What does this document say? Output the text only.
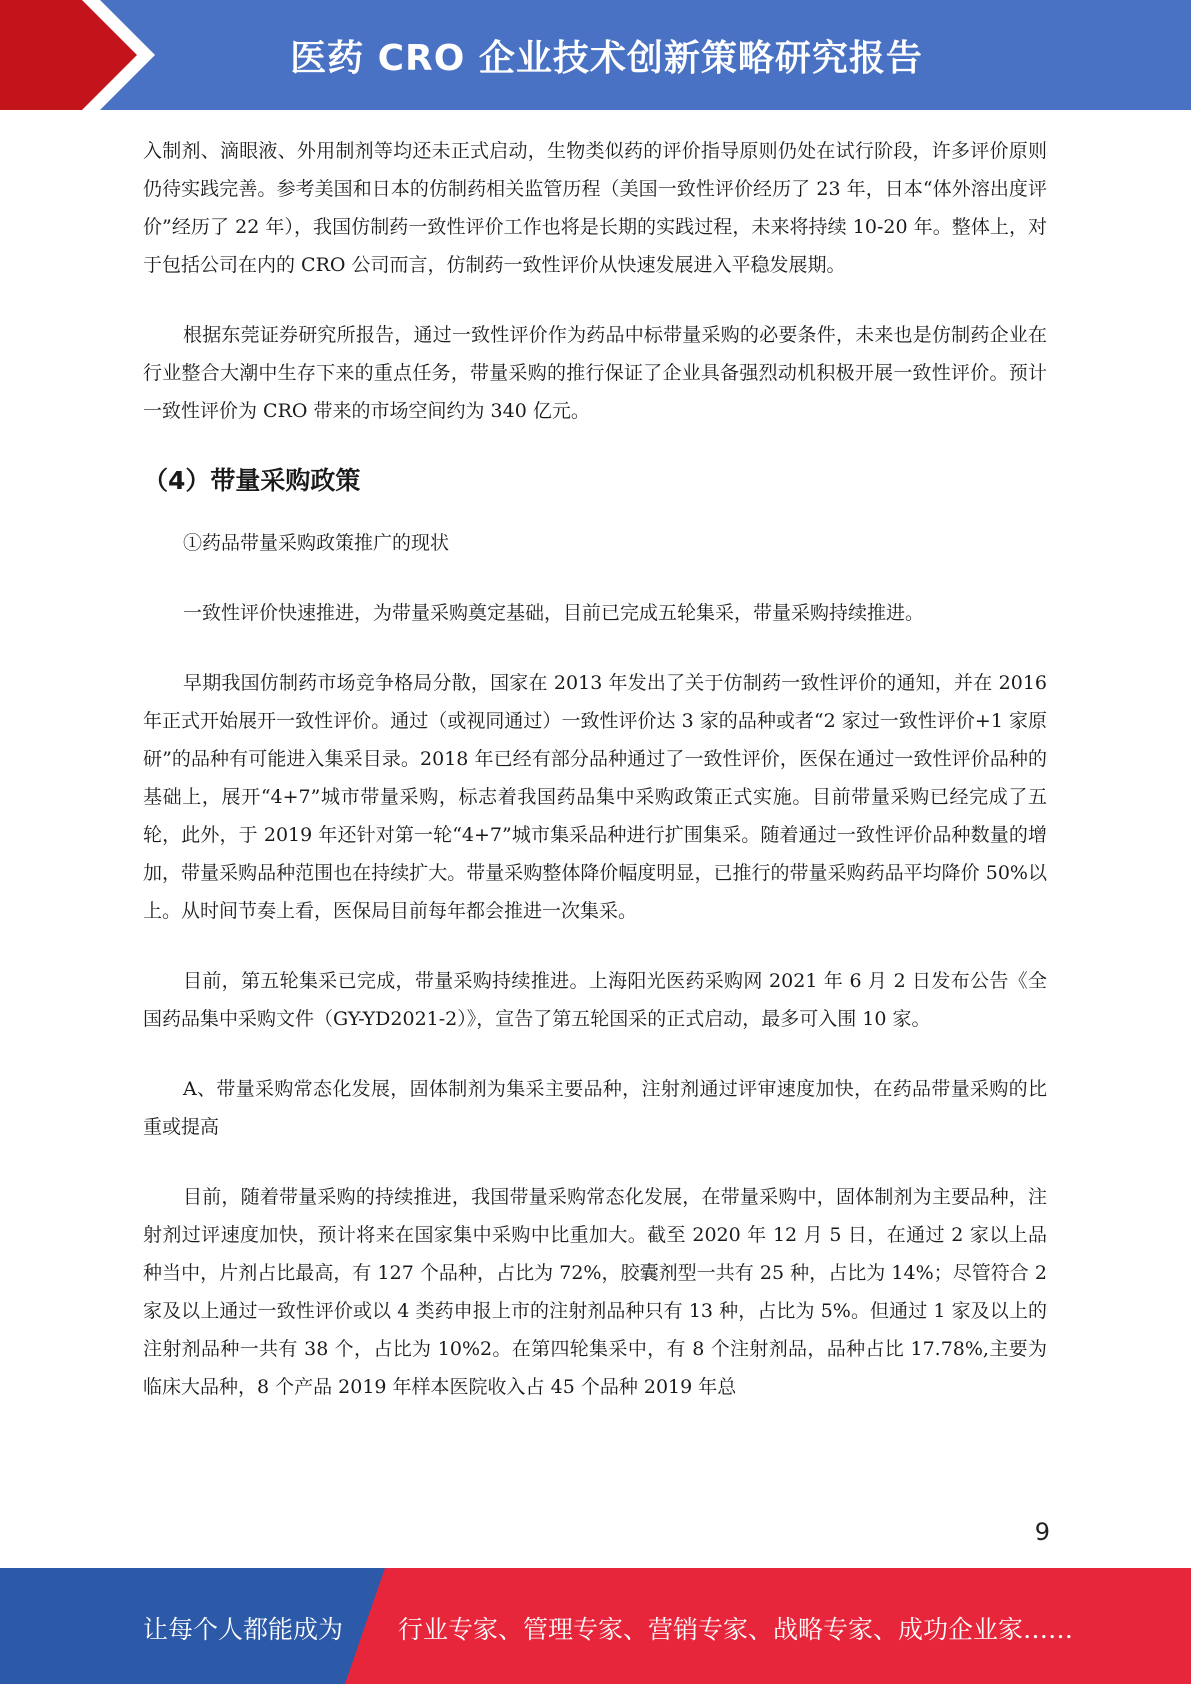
医药 CRO 企业技术创新策略研究报告

入制剂、滴眼液、外用制剂等均还未正式启动，生物类似药的评价指导原则仍处在试行阶段，许多评价原则仍待实践完善。参考美国和日本的仿制药相关监管历程（美国一致性评价经历了 23 年，日本“体外溶出度评价”经历了 22 年），我国仿制药一致性评价工作也将是长期的实践过程，未来将持续 10-20 年。整体上，对于包括公司在内的 CRO 公司而言，仿制药一致性评价从快速发展进入平稳发展期。

根据东莞证券研究所报告，通过一致性评价作为药品中标带量采购的必要条件，未来也是仿制药企业在行业整合大潮中生存下来的重点任务，带量采购的推行保证了企业具备强烈动机积极开展一致性评价。预计一致性评价为 CRO 带来的市场空间约为 340 亿元。

（4）带量采购政策

①药品带量采购政策推广的现状

一致性评价快速推进，为带量采购奠定基础，目前已完成五轮集采，带量采购持续推进。

早期我国仿制药市场竞争格局分散，国家在 2013 年发出了关于仿制药一致性评价的通知，并在 2016 年正式开始展开一致性评价。通过（或视同通过）一致性评价达 3 家的品种或者“2 家过一致性评价+1 家原研”的品种有可能进入集采目录。2018 年已经有部分品种通过了一致性评价，医保在通过一致性评价品种的基础上，展开“4+7”城市带量采购，标志着我国药品集中采购政策正式实施。目前带量采购已经完成了五轮，此外，于 2019 年还针对第一轮“4+7”城市集采品种进行扩围集采。随着通过一致性评价品种数量的增加，带量采购品种范围也在持续扩大。带量采购整体降价幅度明显，已推行的带量采购药品平均降价 50%以上。从时间节奏上看，医保局目前每年都会推进一次集采。

目前，第五轮集采已完成，带量采购持续推进。上海阳光医药采购网 2021 年 6 月 2 日发布公告《全国药品集中采购文件（GY-YD2021-2）》，宣告了第五轮国采的正式启动，最多可入围 10 家。

A、带量采购常态化发展，固体制剂为集采主要品种，注射剂通过评审速度加快，在药品带量采购的比重或提高

目前，随着带量采购的持续推进，我国带量采购常态化发展，在带量采购中，固体制剂为主要品种，注射剂过评速度加快，预计将来在国家集中采购中比重加大。截至 2020 年 12 月 5 日，在通过 2 家以上品种当中，片剂占比最高，有 127 个品种，占比为 72%，胶囊剂型一共有 25 种，占比为 14%；尽管符合 2 家及以上通过一致性评价或以 4 类药申报上市的注射剂品种只有 13 种，占比为 5%。但通过 1 家及以上的注射剂品种一共有 38 个，占比为 10%2。在第四轮集采中，有 8 个注射剂品，品种占比 17.78%,主要为临床大品种，8 个产品 2019 年样本医院收入占 45 个品种 2019 年总

9
让每个人都能成为 行业专家、管理专家、营销专家、战略专家、成功企业家……
